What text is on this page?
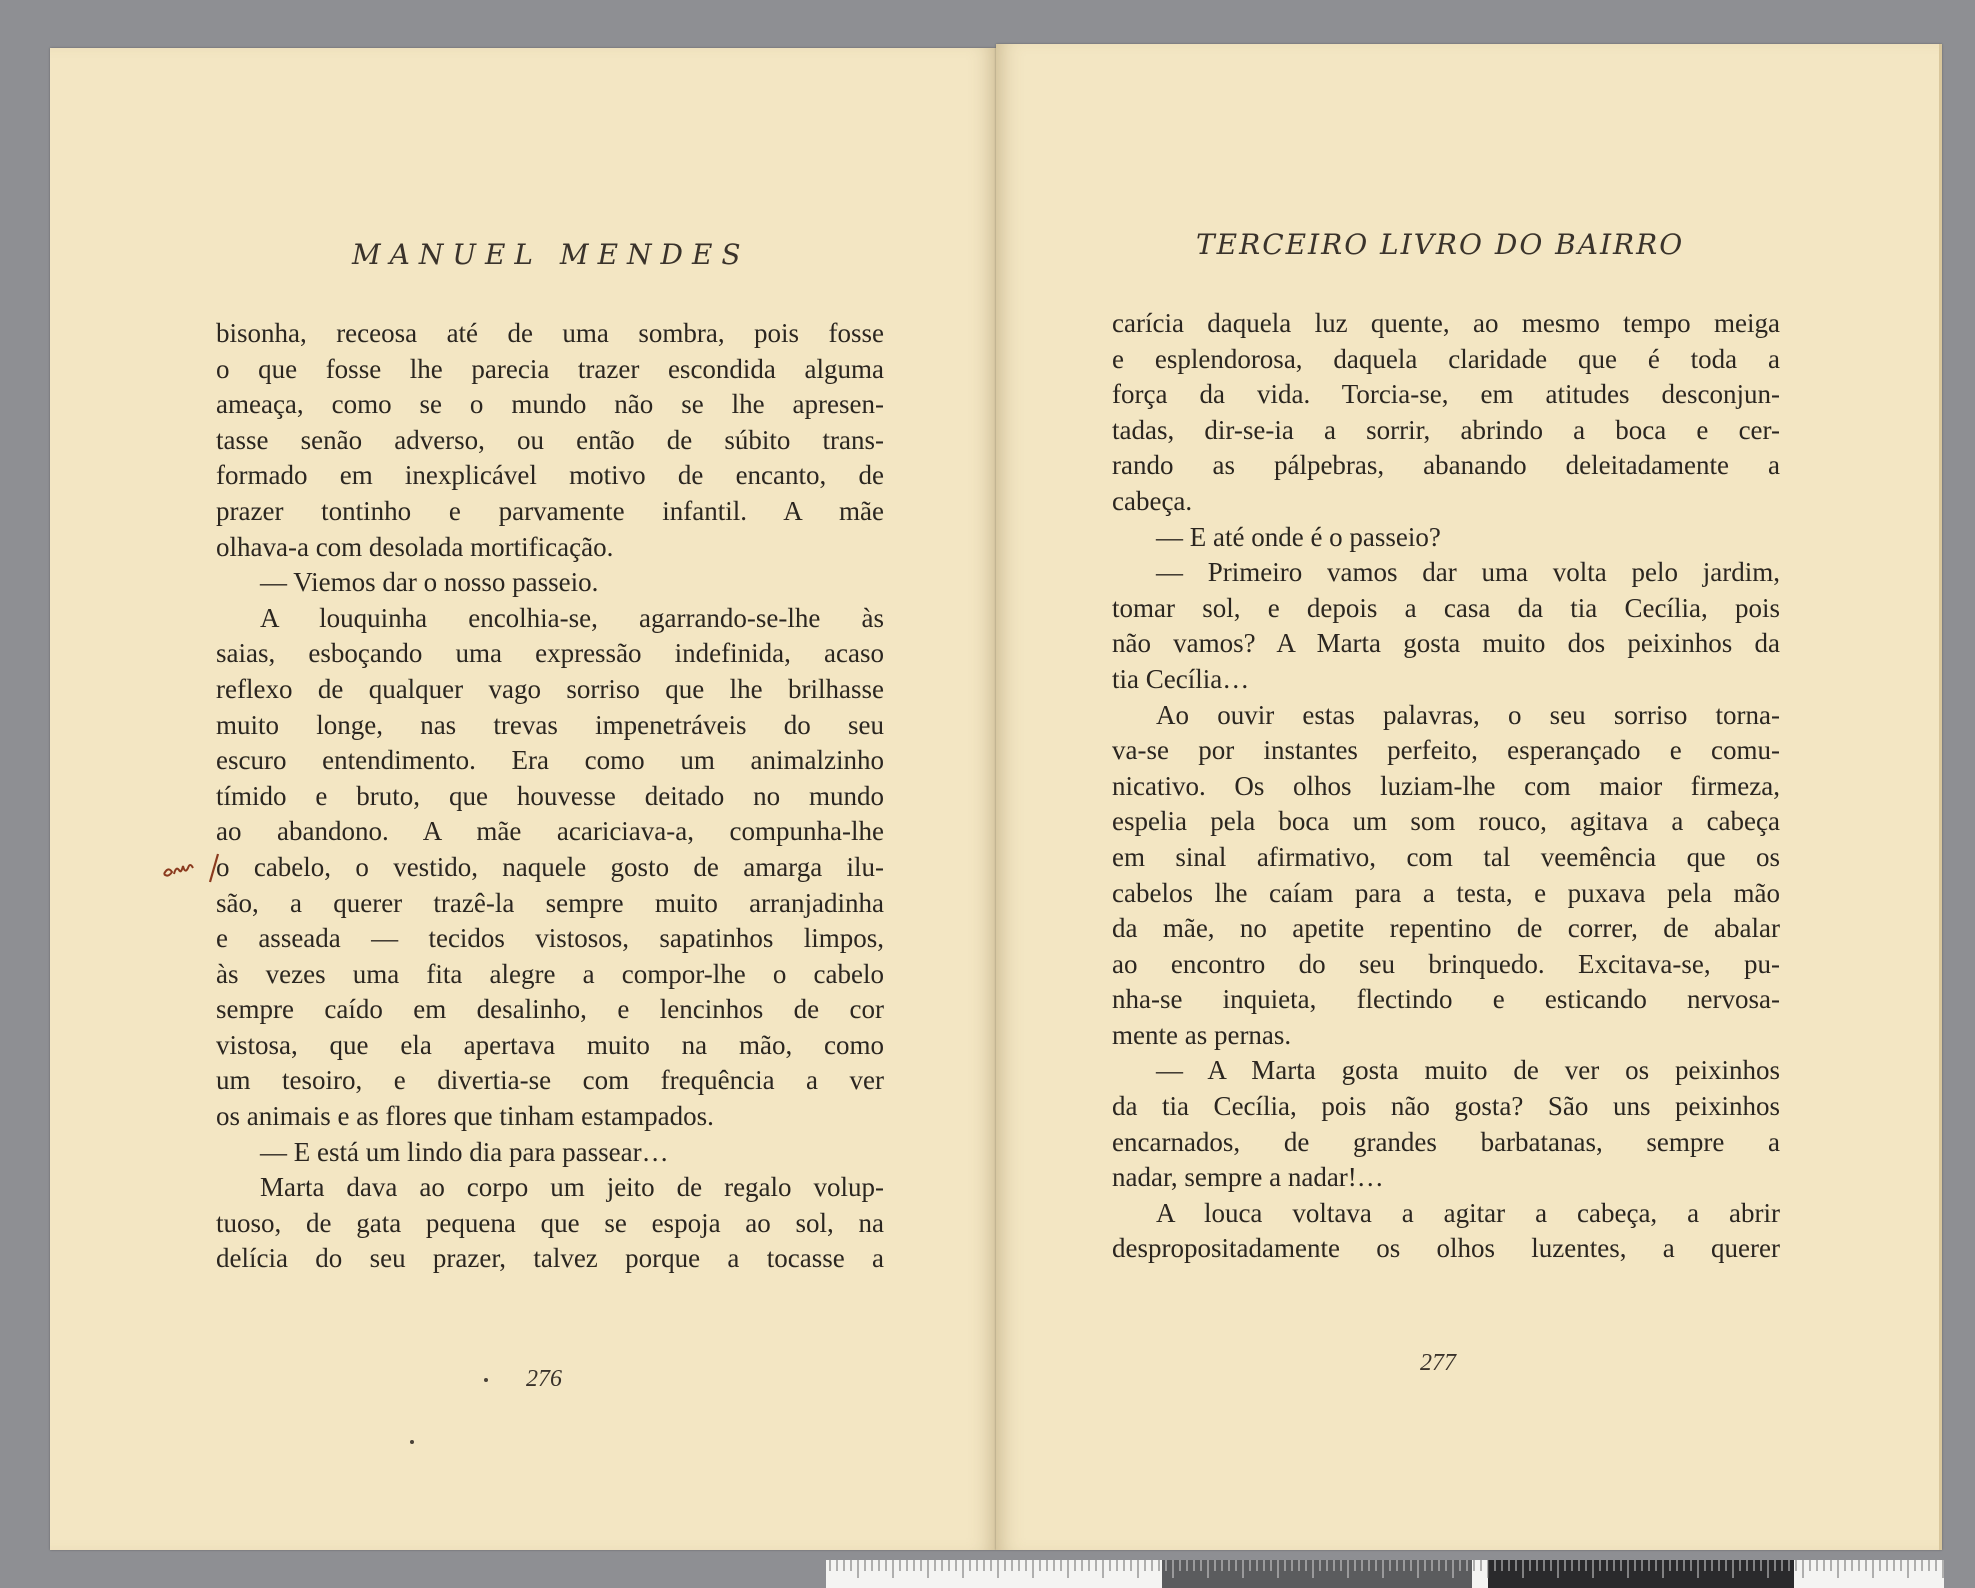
MANUEL MENDES
bisonha, receosa até de uma sombra, pois fosse
o que fosse lhe parecia trazer escondida alguma
ameaça, como se o mundo não se lhe apresen-
tasse senão adverso, ou então de súbito trans-
formado em inexplicável motivo de encanto, de
prazer tontinho e parvamente infantil. A mãe
olhava-a com desolada mortificação.
— Viemos dar o nosso passeio.
A louquinha encolhia-se, agarrando-se-lhe às
saias, esboçando uma expressão indefinida, acaso
reflexo de qualquer vago sorriso que lhe brilhasse
muito longe, nas trevas impenetráveis do seu
escuro entendimento. Era como um animalzinho
tímido e bruto, que houvesse deitado no mundo
ao abandono. A mãe acariciava-a, compunha-lhe
o cabelo, o vestido, naquele gosto de amarga ilu-
são, a querer trazê-la sempre muito arranjadinha
e asseada — tecidos vistosos, sapatinhos limpos,
às vezes uma fita alegre a compor-lhe o cabelo
sempre caído em desalinho, e lencinhos de cor
vistosa, que ela apertava muito na mão, como
um tesoiro, e divertia-se com frequência a ver
os animais e as flores que tinham estampados.
— E está um lindo dia para passear…
Marta dava ao corpo um jeito de regalo volup-
tuoso, de gata pequena que se espoja ao sol, na
delícia do seu prazer, talvez porque a tocasse a
276
TERCEIRO LIVRO DO BAIRRO
carícia daquela luz quente, ao mesmo tempo meiga
e esplendorosa, daquela claridade que é toda a
força da vida. Torcia-se, em atitudes desconjun-
tadas, dir-se-ia a sorrir, abrindo a boca e cer-
rando as pálpebras, abanando deleitadamente a
cabeça.
— E até onde é o passeio?
— Primeiro vamos dar uma volta pelo jardim,
tomar sol, e depois a casa da tia Cecília, pois
não vamos? A Marta gosta muito dos peixinhos da
tia Cecília…
Ao ouvir estas palavras, o seu sorriso torna-
va-se por instantes perfeito, esperançado e comu-
nicativo. Os olhos luziam-lhe com maior firmeza,
espelia pela boca um som rouco, agitava a cabeça
em sinal afirmativo, com tal veemência que os
cabelos lhe caíam para a testa, e puxava pela mão
da mãe, no apetite repentino de correr, de abalar
ao encontro do seu brinquedo. Excitava-se, pu-
nha-se inquieta, flectindo e esticando nervosa-
mente as pernas.
— A Marta gosta muito de ver os peixinhos
da tia Cecília, pois não gosta? São uns peixinhos
encarnados, de grandes barbatanas, sempre a
nadar, sempre a nadar!…
A louca voltava a agitar a cabeça, a abrir
despropositadamente os olhos luzentes, a querer
277
